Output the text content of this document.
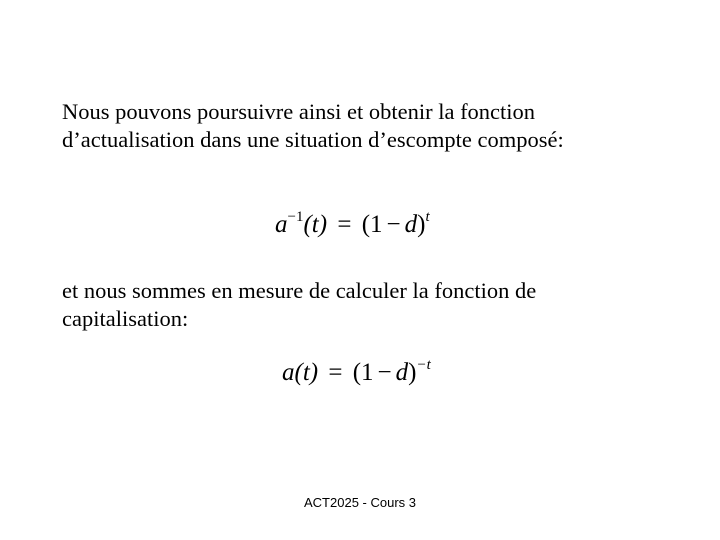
Nous pouvons poursuivre ainsi et obtenir la fonction
d’actualisation dans une situation d’escompte composé:
$a^{-1}(t) = (1 - d)^t$
et nous sommes en mesure de calculer la fonction de
capitalisation:
$a(t) = (1 - d)^{-t}$
ACT2025 - Cours 3
